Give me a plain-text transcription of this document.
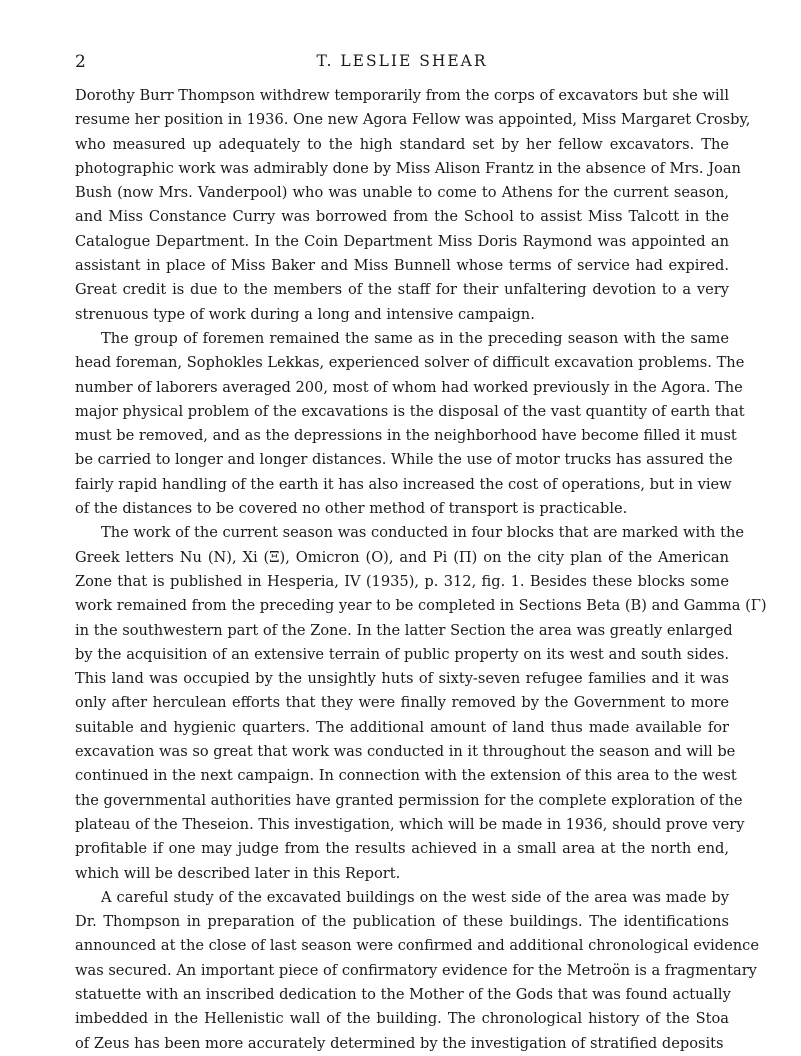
2	T. LESLIE SHEAR

Dorothy Burr Thompson withdrew temporarily from the corps of excavators but she will
resume her position in 1936. One new Agora Fellow was appointed, Miss Margaret Crosby,
who measured up adequately to the high standard set by her fellow excavators. The
photographic work was admirably done by Miss Alison Frantz in the absence of Mrs. Joan
Bush (now Mrs. Vanderpool) who was unable to come to Athens for the current season,
and Miss Constance Curry was borrowed from the School to assist Miss Talcott in the
Catalogue Department. In the Coin Department Miss Doris Raymond was appointed an
assistant in place of Miss Baker and Miss Bunnell whose terms of service had expired.
Great credit is due to the members of the staff for their unfaltering devotion to a very
strenuous type of work during a long and intensive campaign.

The group of foremen remained the same as in the preceding season with the same
head foreman, Sophokles Lekkas, experienced solver of difficult excavation problems. The
number of laborers averaged 200, most of whom had worked previously in the Agora. The
major physical problem of the excavations is the disposal of the vast quantity of earth that
must be removed, and as the depressions in the neighborhood have become filled it must
be carried to longer and longer distances. While the use of motor trucks has assured the
fairly rapid handling of the earth it has also increased the cost of operations, but in view
of the distances to be covered no other method of transport is practicable.

The work of the current season was conducted in four blocks that are marked with the
Greek letters Nu (N), Xi (Ξ), Omicron (O), and Pi (Π) on the city plan of the American
Zone that is published in Hesperia, IV (1935), p. 312, fig. 1. Besides these blocks some
work remained from the preceding year to be completed in Sections Beta (B) and Gamma (Γ)
in the southwestern part of the Zone. In the latter Section the area was greatly enlarged
by the acquisition of an extensive terrain of public property on its west and south sides.
This land was occupied by the unsightly huts of sixty-seven refugee families and it was
only after herculean efforts that they were finally removed by the Government to more
suitable and hygienic quarters. The additional amount of land thus made available for
excavation was so great that work was conducted in it throughout the season and will be
continued in the next campaign. In connection with the extension of this area to the west
the governmental authorities have granted permission for the complete exploration of the
plateau of the Theseion. This investigation, which will be made in 1936, should prove very
profitable if one may judge from the results achieved in a small area at the north end,
which will be described later in this Report.

A careful study of the excavated buildings on the west side of the area was made by
Dr. Thompson in preparation of the publication of these buildings. The identifications
announced at the close of last season were confirmed and additional chronological evidence
was secured. An important piece of confirmatory evidence for the Metroön is a fragmentary
statuette with an inscribed dedication to the Mother of the Gods that was found actually
imbedded in the Hellenistic wall of the building. The chronological history of the Stoa
of Zeus has been more accurately determined by the investigation of stratified deposits
